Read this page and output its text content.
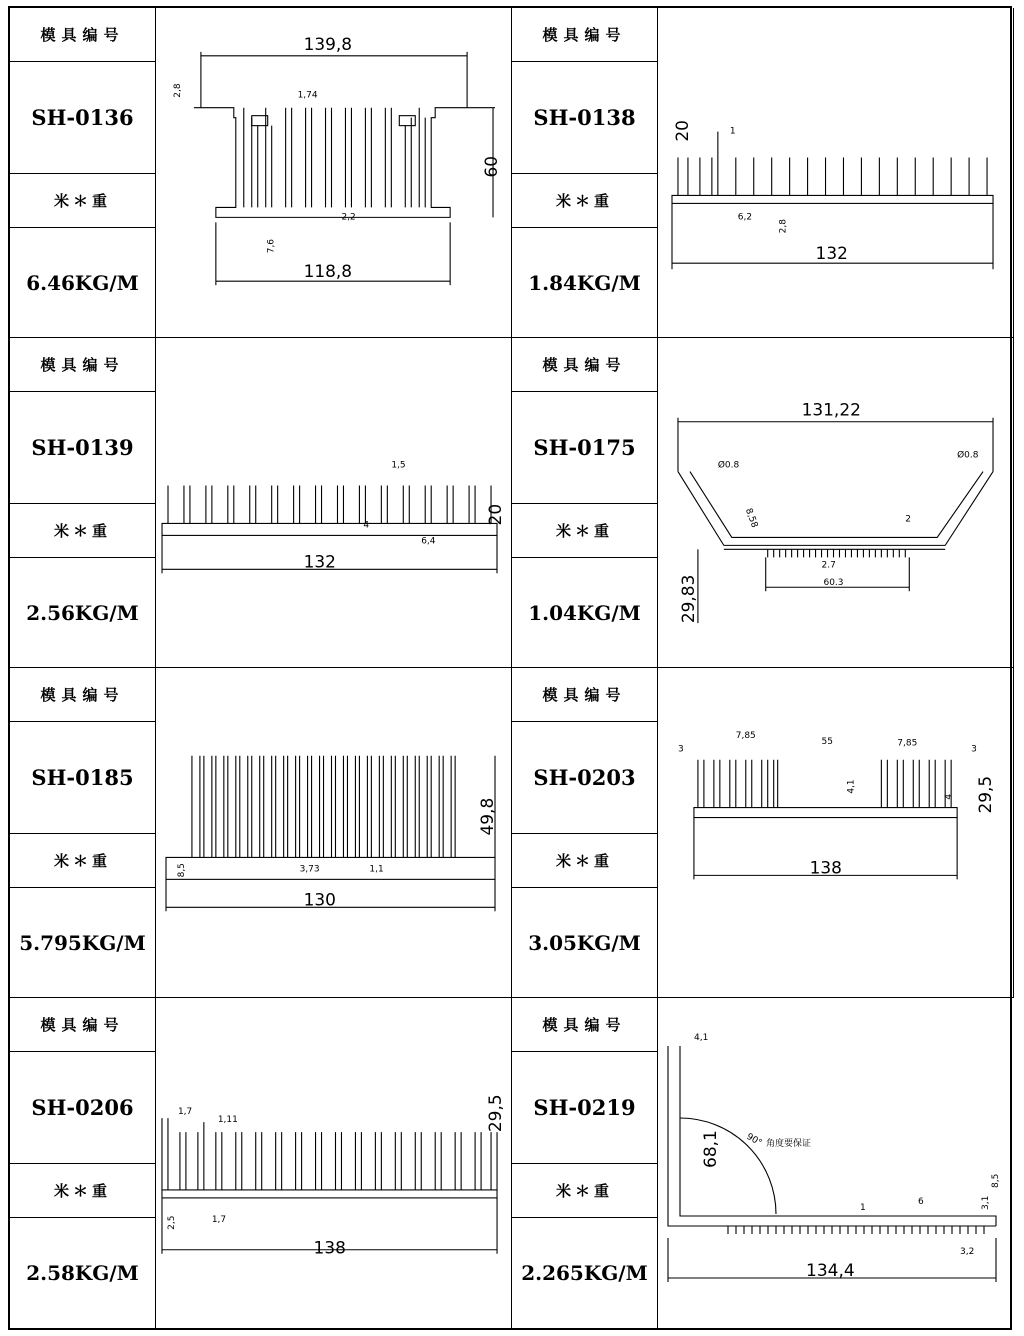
模具编号
SH-0136
米＊重
6.46KG/M
139,8
118,8
60
1,74
2,8
2,2
7,6
模具编号
SH-0138
米＊重
1.84KG/M
132
20	1
6,2
2,8
模具编号
SH-0139
米＊重
2.56KG/M
132
20
1,5
4
6,4
模具编号
SH-0175
米＊重
1.04KG/M
131,22
Ø0.8
Ø0.8
8,58	2
2.7
60.3
29,83
模具编号
SH-0185
米＊重
5.795KG/M
130
49,8
8,5	3,73	1,1
模具编号
SH-0203
米＊重
3.05KG/M
138
3
7,85
55	7,85
3
29,5
4,1
4
模具编号
SH-0206
米＊重
2.58KG/M
138
1,7
1,11	29,5
2,5	1,7
模具编号
SH-0219
米＊重
2.265KG/M	134,4
4,1
68,1	90° 角度要保证
1
6	3,1
8,5
3,2
